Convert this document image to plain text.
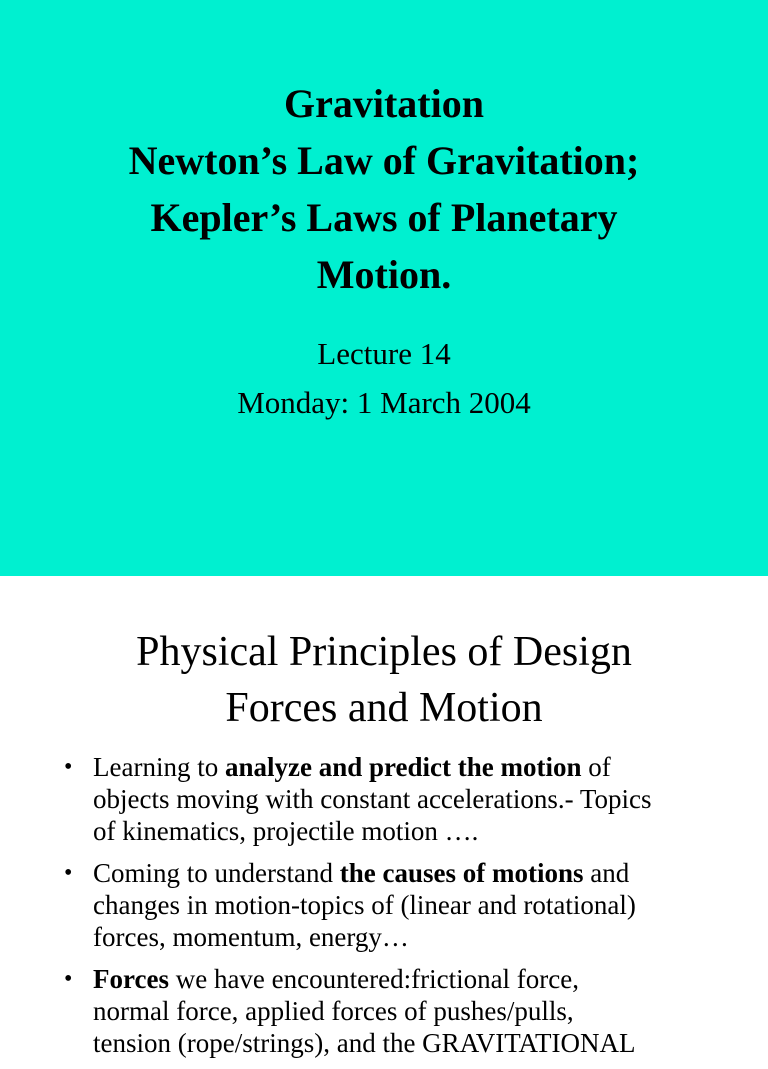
Gravitation
Newton’s Law of Gravitation;
Kepler’s Laws of Planetary
Motion.
Lecture 14
Monday: 1 March 2004
Physical Principles of Design
Forces and Motion
• Learning to analyze and predict the motion of
objects moving with constant accelerations.- Topics
of kinematics, projectile motion ….
• Coming to understand the causes of motions and
changes in motion-topics of (linear and rotational)
forces, momentum, energy…
• Forces we have encountered:frictional force,
normal force, applied forces of pushes/pulls,
tension (rope/strings), and the GRAVITATIONAL
